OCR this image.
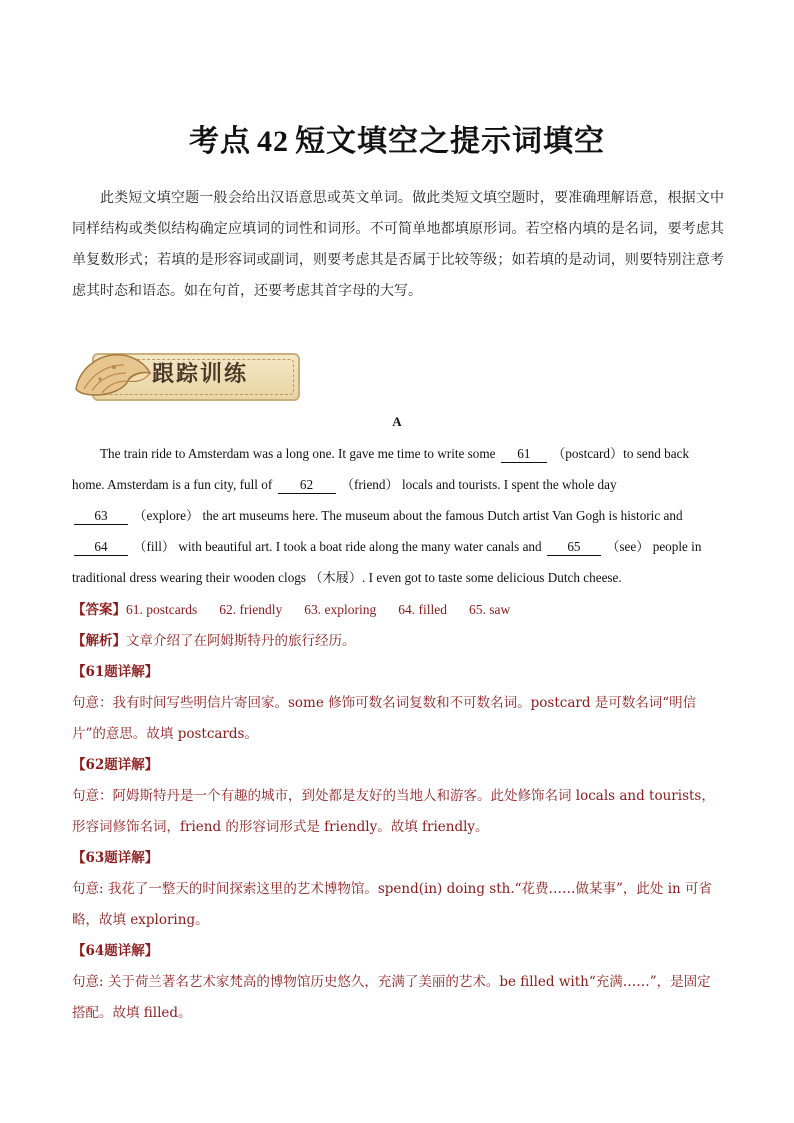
考点 42 短文填空之提示词填空
此类短文填空题一般会给出汉语意思或英文单词。做此类短文填空题时，要准确理解语意，根据文中同样结构或类似结构确定应填词的词性和词形。不可简单地都填原形词。若空格内填的是名词，要考虑其单复数形式；若填的是形容词或副词，则要考虑其是否属于比较等级；如若填的是动词，则要特别注意考虑其时态和语态。如在句首，还要考虑其首字母的大写。
跟踪训练
A
The train ride to Amsterdam was a long one. It gave me time to write some 61 （postcard）to send back home. Amsterdam is a fun city, full of 62 （friend） locals and tourists. I spent the whole day
63 （explore） the art museums here. The museum about the famous Dutch artist Van Gogh is historic and 64 （fill） with beautiful art. I took a boat ride along the many water canals and 65 （see） people in traditional dress wearing their wooden clogs （木屐）. I even got to taste some delicious Dutch cheese.

【答案】61. postcards 62. friendly 63. exploring 64. filled 65. saw

【解析】文章介绍了在阿姆斯特丹的旅行经历。

【61题详解】

句意：我有时间写些明信片寄回家。some 修饰可数名词复数和不可数名词。postcard 是可数名词“明信片”的意思。故填 postcards。

【62题详解】

句意：阿姆斯特丹是一个有趣的城市，到处都是友好的当地人和游客。此处修饰名词 locals and tourists，形容词修饰名词，friend 的形容词形式是 friendly。故填 friendly。

【63题详解】

句意: 我花了一整天的时间探索这里的艺术博物馆。spend(in) doing sth.“花费……做某事”，此处 in 可省略，故填 exploring。

【64题详解】

句意: 关于荷兰著名艺术家梵高的博物馆历史悠久，充满了美丽的艺术。be filled with“充满……”，是固定搭配。故填 filled。
